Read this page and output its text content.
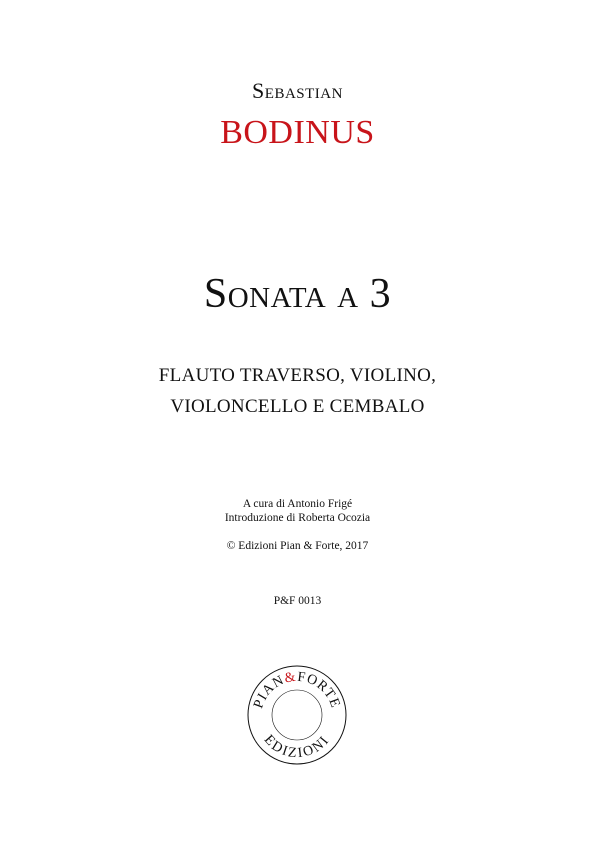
Sebastian
BODINUS
Sonata a 3
FLAUTO TRAVERSO, VIOLINO,
VIOLONCELLO E CEMBALO
A cura di Antonio Frigé
Introduzione di Roberta Ocozia
© Edizioni Pian & Forte, 2017
P&F 0013
PIAN&FORTE
EDIZIONI
